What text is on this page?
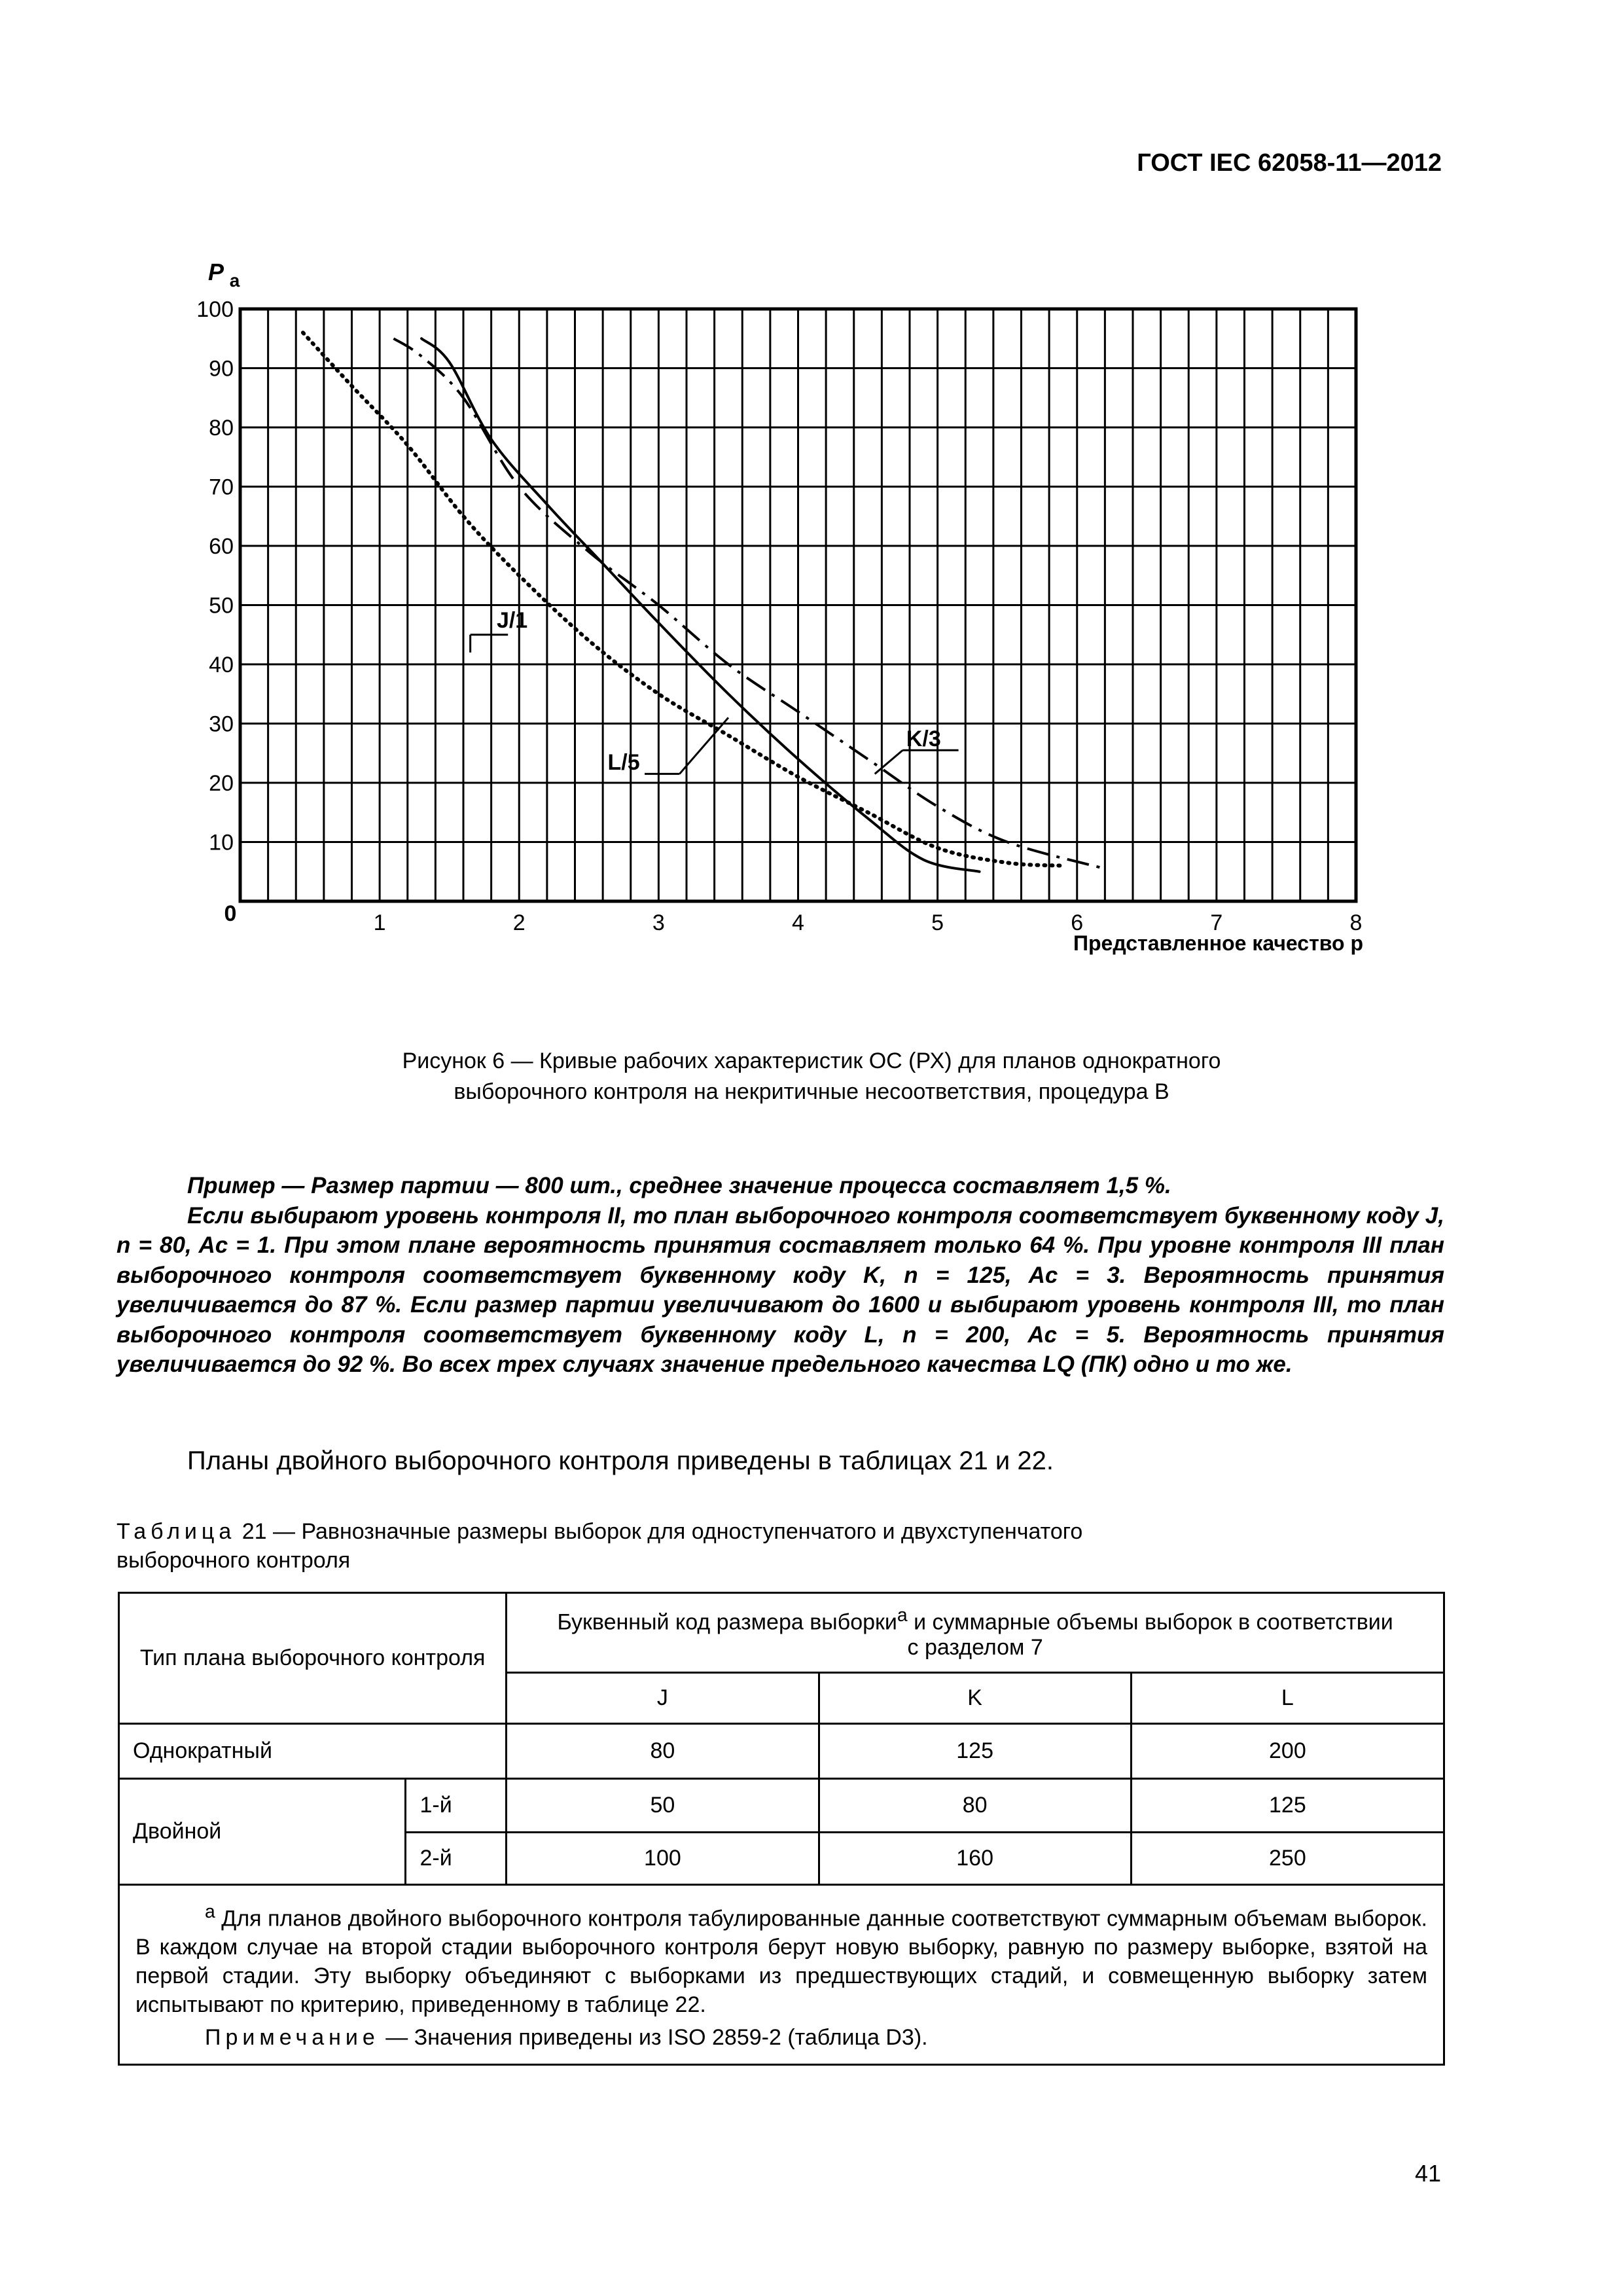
ГОСТ IEC 62058-11—2012
100
90
80
70
60
50
40
30
20
10
1	2	3	4	5	6	7	8
0
P $_a$
Представленное качество p
J/1
L/5
K/3
Рисунок 6 — Кривые рабочих характеристик ОС (РХ) для планов однократного
выборочного контроля на некритичные несоответствия, процедура В

Пример — Размер партии — 800 шт., среднее значение процесса составляет 1,5 %.

Если выбирают уровень контроля II, то план выборочного контроля соответствует буквенному коду J, n = 80, Ac = 1. При этом плане вероятность принятия составляет только 64 %. При уровне контроля III план выборочного контроля соответствует буквенному коду K, n = 125, Ac = 3. Вероятность принятия увеличивается до 87 %. Если размер партии увеличивают до 1600 и выбирают уровень контроля III, то план выборочного контроля соответствует буквенному коду L, n = 200, Ac = 5. Вероятность принятия увеличивается до 92 %. Во всех трех случаях значение предельного качества LQ (ПК) одно и то же.

Планы двойного выборочного контроля приведены в таблицах 21 и 22.
Таблица 21 — Равнозначные размеры выборок для одноступенчатого и двухступенчатого
выборочного контроля
Тип плана выборочного контроля		Буквенный код размера выборки$^a$ и суммарные объемы выборок в соответствии
с разделом 7		
		J	K	L
Однократный		80	125	200
Двойной	1-й	50	80	125
	2-й	100	160	250

$^a$ Для планов двойного выборочного контроля табулированные данные соответствуют суммарным объемам выборок. В каждом случае на второй стадии выборочного контроля берут новую выборку, равную по размеру выборке, взятой на первой стадии. Эту выборку объединяют с выборками из предшествующих стадий, и совмещенную выборку затем испытывают по критерию, приведенному в таблице 22.

Примечание — Значения приведены из ISO 2859-2 (таблица D3).				

41
